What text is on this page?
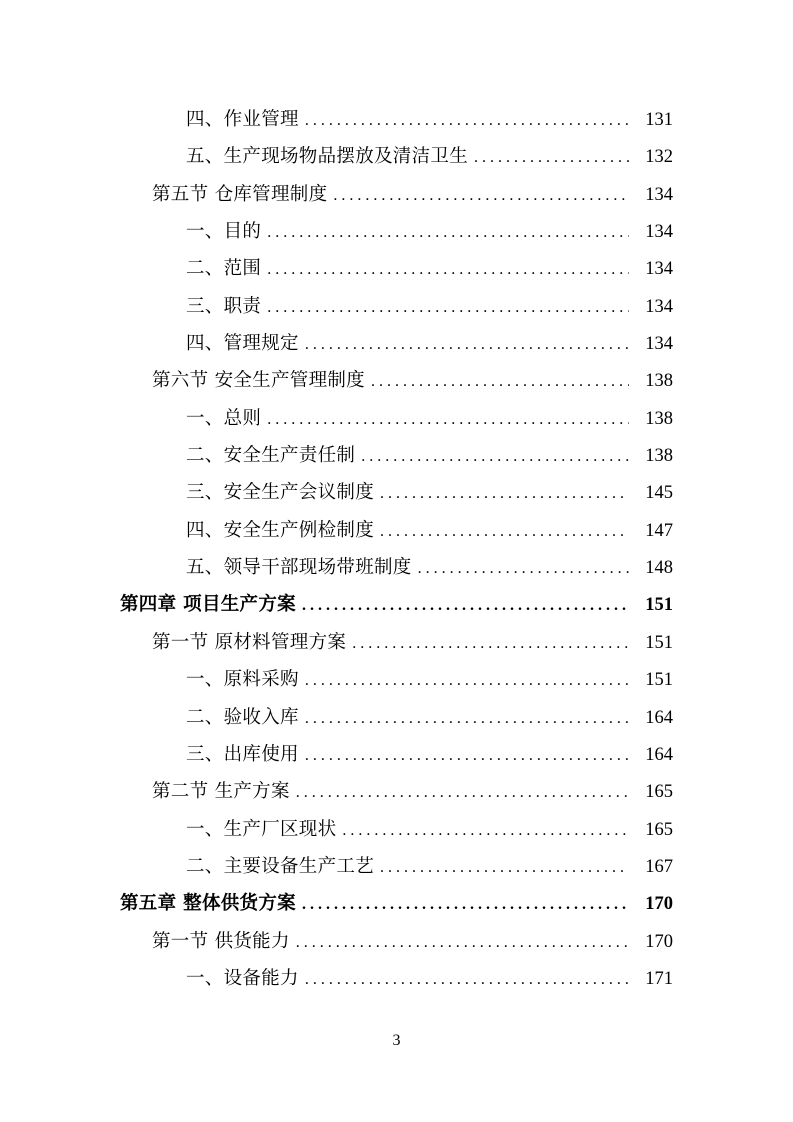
四、作业管理 . . .	131
五、生产现场物品摆放及清洁卫生 . . .	132
第五节 仓库管理制度 . . .	134
一、目的 . . .	134
二、范围 . . .	134
三、职责 . . .	134
四、管理规定 . . .	134
第六节 安全生产管理制度 . . .	138
一、总则 . . .	138
二、安全生产责任制 . . .	138
三、安全生产会议制度 . . .	145
四、安全生产例检制度 . . .	147
五、领导干部现场带班制度 . . .	148
第四章 项目生产方案 . . .	151
第一节 原材料管理方案 . . .	151
一、原料采购 . . .	151
二、验收入库 . . .	164
三、出库使用 . . .	164
第二节 生产方案 . . .	165
一、生产厂区现状 . . .	165
二、主要设备生产工艺 . . .	167
第五章 整体供货方案 . . .	170
第一节 供货能力 . . .	170
一、设备能力 . . .	171
3
